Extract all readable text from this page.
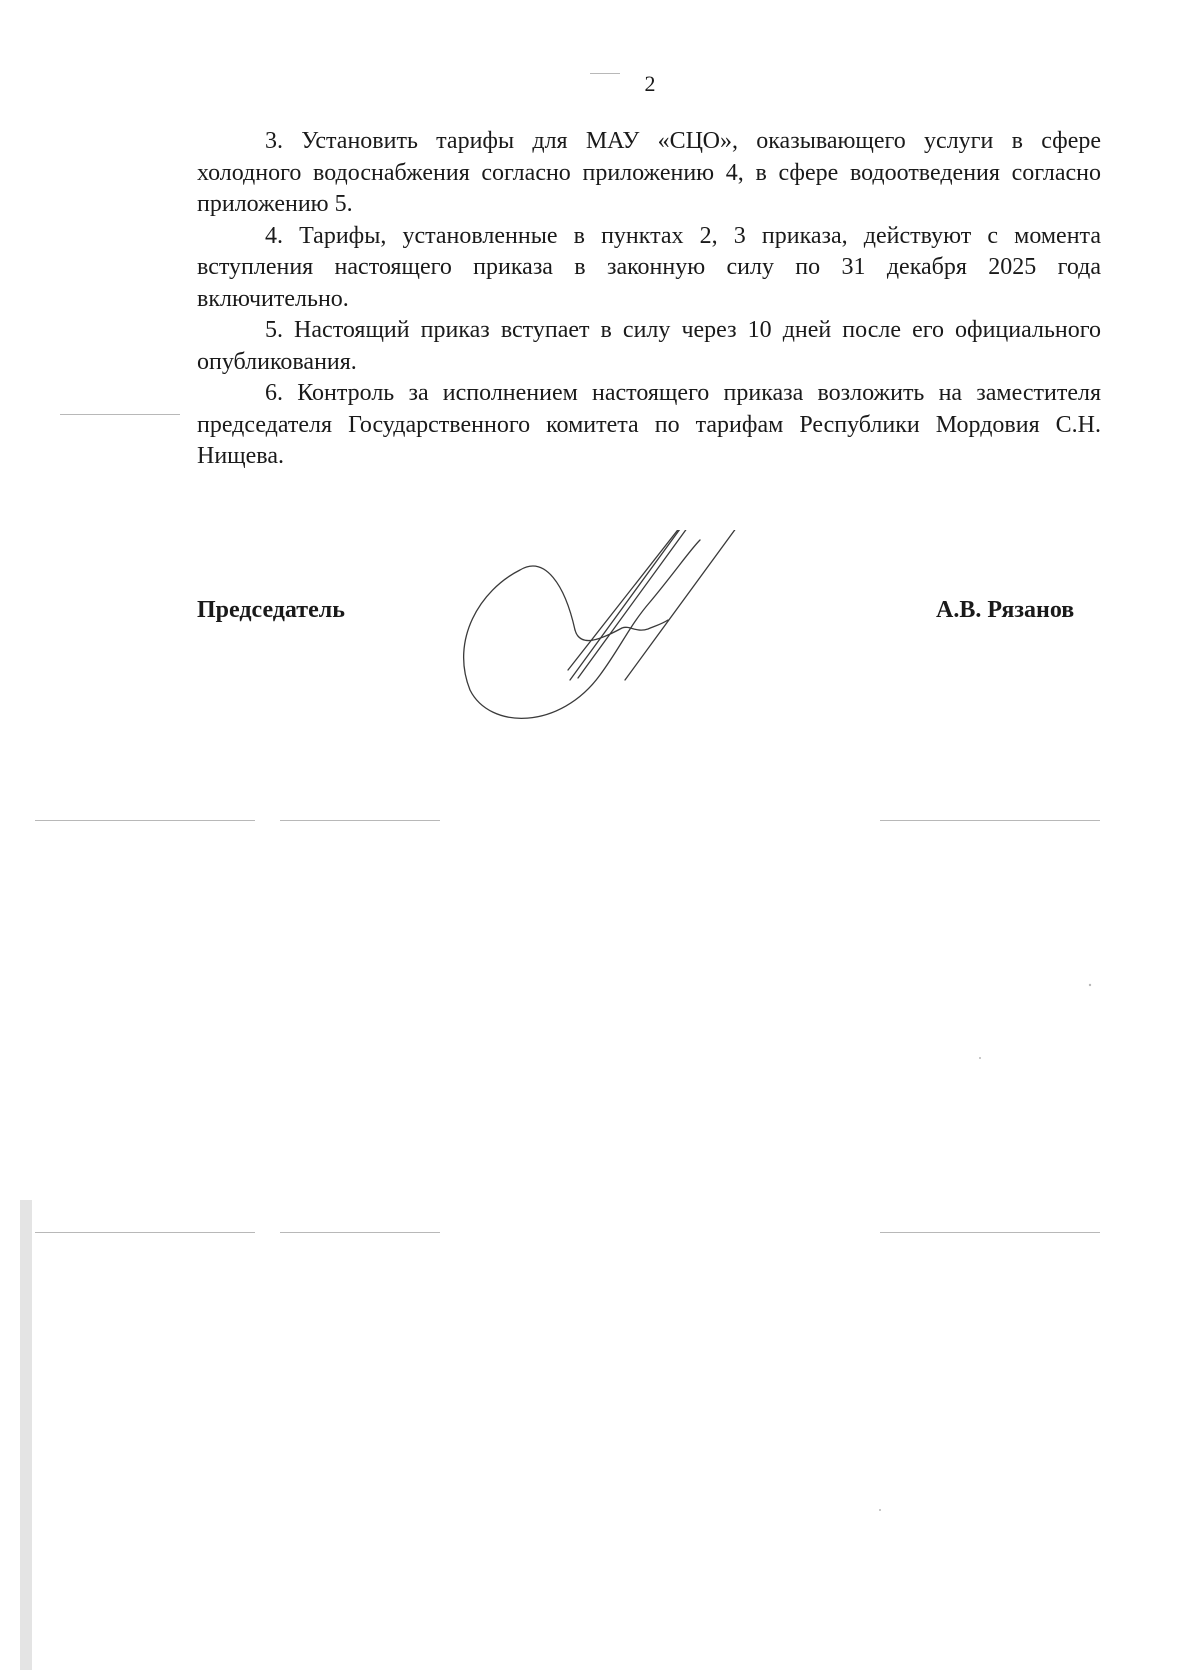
2

3. Установить тарифы для МАУ «СЦО», оказывающего услуги в сфере холодного водоснабжения согласно приложению 4, в сфере водоотведения согласно приложению 5.

4. Тарифы, установленные в пунктах 2, 3 приказа, действуют с момента вступления настоящего приказа в законную силу по 31 декабря 2025 года включительно.

5. Настоящий приказ вступает в силу через 10 дней после его официального опубликования.

6. Контроль за исполнением настоящего приказа возложить на заместителя председателя Государственного комитета по тарифам Республики Мордовия С.Н. Нищева.

Председатель	А.В. Рязанов
